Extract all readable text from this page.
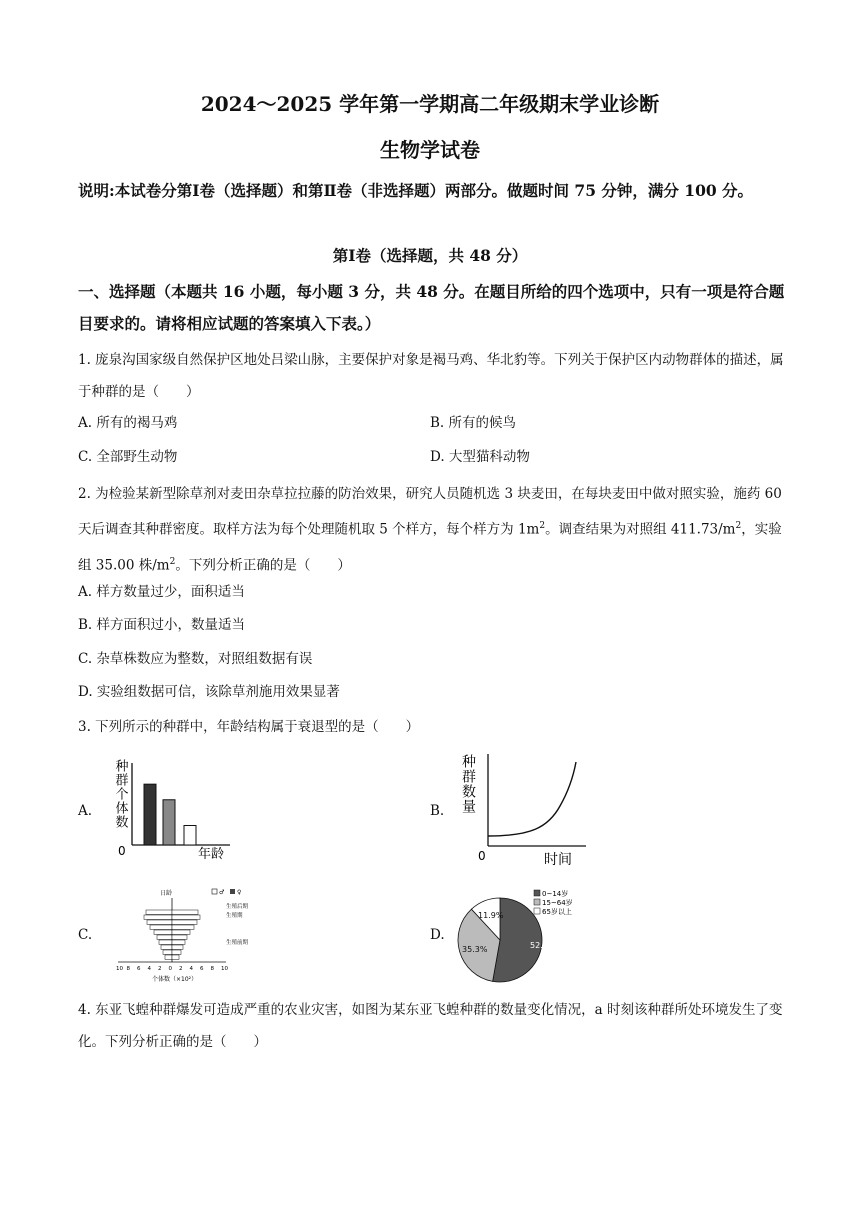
2024～2025 学年第一学期高二年级期末学业诊断
生物学试卷
说明:本试卷分第Ⅰ卷（选择题）和第Ⅱ卷（非选择题）两部分。做题时间 75 分钟，满分 100 分。
第Ⅰ卷（选择题，共 48 分）
一、选择题（本题共 16 小题，每小题 3 分，共 48 分。在题目所给的四个选项中，只有一项是符合题目要求的。请将相应试题的答案填入下表。）
1. 庞泉沟国家级自然保护区地处吕梁山脉，主要保护对象是褐马鸡、华北豹等。下列关于保护区内动物群体的描述，属于种群的是（　　）
A. 所有的褐马鸡	B. 所有的候鸟
C. 全部野生动物	D. 大型猫科动物
2. 为检验某新型除草剂对麦田杂草拉拉藤的防治效果，研究人员随机选 3 块麦田，在每块麦田中做对照实验，施药 60 天后调查其种群密度。取样方法为每个处理随机取 5 个样方，每个样方为 $1m^2$。调查结果为对照组 $411.73/m^2$，实验组 35.00 株$/m^2$。下列分析正确的是（　　）
A. 样方数量过少，面积适当
B. 样方面积过小，数量适当
C. 杂草株数应为整数，对照组数据有误
D. 实验组数据可信，该除草剂施用效果显著
3. 下列所示的种群中，年龄结构属于衰退型的是（　　）
A.	B.
C.	D.
种群个体数
0	年龄
种群数量
0	时间
日龄	♂ ♀
生殖后期
生殖期
生殖前期
10 8 6 4 2 0 2 4 6 8 10
个体数（×10²）
0~14岁
15~64岁
65岁以上
52.8%
35.3%
11.9%
4. 东亚飞蝗种群爆发可造成严重的农业灾害，如图为某东亚飞蝗种群的数量变化情况，a 时刻该种群所处环境发生了变化。下列分析正确的是（　　）
